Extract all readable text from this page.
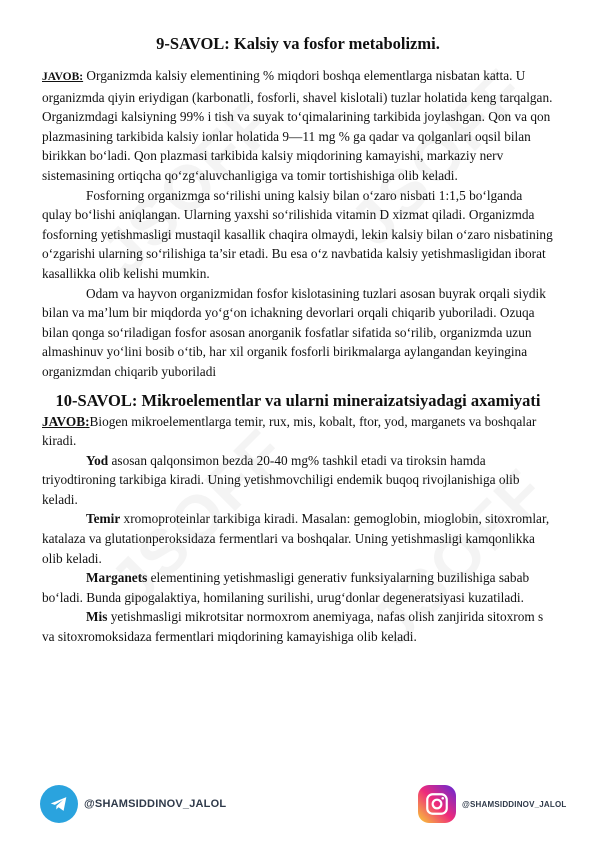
9-SAVOL: Kalsiy va fosfor metabolizmi.

JAVOB: Organizmda kalsiy elementining % miqdori boshqa elementlarga nisbatan katta. U organizmda qiyin eriydigan (karbonatli, fosforli, shavel kislotali) tuzlar holatida keng tarqalgan. Organizmdagi kalsiyning 99% i tish va suyak to‘qimalarining tarkibida joylashgan. Qon va qon plazmasining tarkibida kalsiy ionlar holatida 9—11 mg % ga qadar va qolganlari oqsil bilan birikkan bo‘ladi. Qon plazmasi tarkibida kalsiy miqdorining kamayishi, markaziy nerv sistemasining ortiqcha qo‘zg‘aluvchanligiga va tomir tortishishiga olib keladi.

Fosforning organizmga so‘rilishi uning kalsiy bilan o‘zaro nisbati 1:1,5 bo‘lganda qulay bo‘lishi aniqlangan. Ularning yaxshi so‘rilishida vitamin D xizmat qiladi. Organizmda fosforning yetishmasligi mustaqil kasallik chaqira olmaydi, lekin kalsiy bilan o‘zaro nisbatining o‘zgarishi ularning so‘rilishiga ta’sir etadi. Bu esa o‘z navbatida kalsiy yetishmasligidan iborat kasallikka olib kelishi mumkin.

Odam va hayvon organizmidan fosfor kislotasining tuzlari asosan buyrak orqali siydik bilan va ma’lum bir miqdorda yo‘g‘on ichakning devorlari orqali chiqarib yuboriladi. Ozuqa bilan qonga so‘riladigan fosfor asosan anorganik fosfatlar sifatida so‘rilib, organizmda uzun almashinuv yo‘lini bosib o‘tib, har xil organik fosforli birikmalarga aylangandan keyingina organizmdan chiqarib yuboriladi

10-SAVOL: Mikroelementlar va ularni mineraizatsiyadagi axamiyati

JAVOB:Biogen mikroelementlarga temir, rux, mis, kobalt, ftor, yod, marganets va boshqalar kiradi.

Yod asosan qalqonsimon bezda 20-40 mg% tashkil etadi va tiroksin hamda triyodtironing tarkibiga kiradi. Uning yetishmovchiligi endemik buqoq rivojlanishiga olib keladi.

Temir xromoproteinlar tarkibiga kiradi. Masalan: gemoglobin, mioglobin, sitoxromlar, katalaza va glutationperoksidaza fermentlari va boshqalar. Uning yetishmasligi kamqonlikka olib keladi.

Marganets elementining yetishmasligi generativ funksiyalarning buzilishiga sabab bo‘ladi. Bunda gipogalaktiya, homilaning surilishi, urug‘donlar degeneratsiyasi kuzatiladi.

Mis yetishmasligi mikrotsitar normoxrom anemiyaga, nafas olish zanjirida sitoxrom s va sitoxromoksidaza fermentlari miqdorining kamayishiga olib keladi.

@SHAMSIDDINOV_JALOL	@SHAMSIDDINOV_JALOL
